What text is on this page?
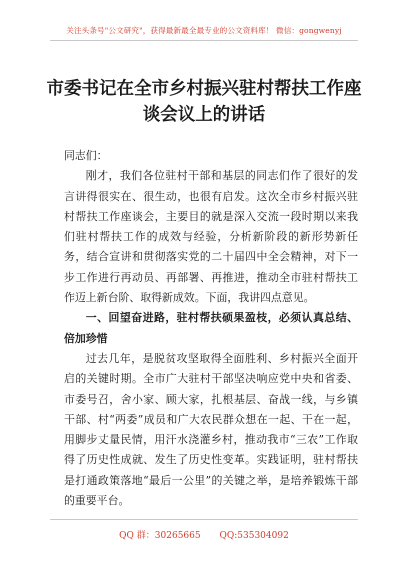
关注头条号"公文研究"，获得最新最全最专业的公文资料库！ 微信：gongwenyj
市委书记在全市乡村振兴驻村帮扶工作座谈会议上的讲话

同志们：

刚才，我们各位驻村干部和基层的同志们作了很好的发言讲得很实在、很生动，也很有启发。这次全市乡村振兴驻村帮扶工作座谈会，主要目的就是深入交流一段时期以来我们驻村帮扶工作的成效与经验，分析新阶段的新形势新任务，结合宣讲和贯彻落实党的二十届四中全会精神，对下一步工作进行再动员、再部署、再推进，推动全市驻村帮扶工作迈上新台阶、取得新成效。下面，我讲四点意见。

一、回望奋进路，驻村帮扶硕果盈枝，必须认真总结、倍加珍惜

过去几年，是脱贫攻坚取得全面胜利、乡村振兴全面开启的关键时期。全市广大驻村干部坚决响应党中央和省委、市委号召，舍小家、顾大家，扎根基层、奋战一线，与乡镇干部、村“两委”成员和广大农民群众想在一起、干在一起，用脚步丈量民情，用汗水浇灌乡村，推动我市“三农”工作取得了历史性成就、发生了历史性变革。实践证明，驻村帮扶是打通政策落地“最后一公里”的关键之举，是培养锻炼干部的重要平台。

QQ 群：30265665 QQ:535304092
